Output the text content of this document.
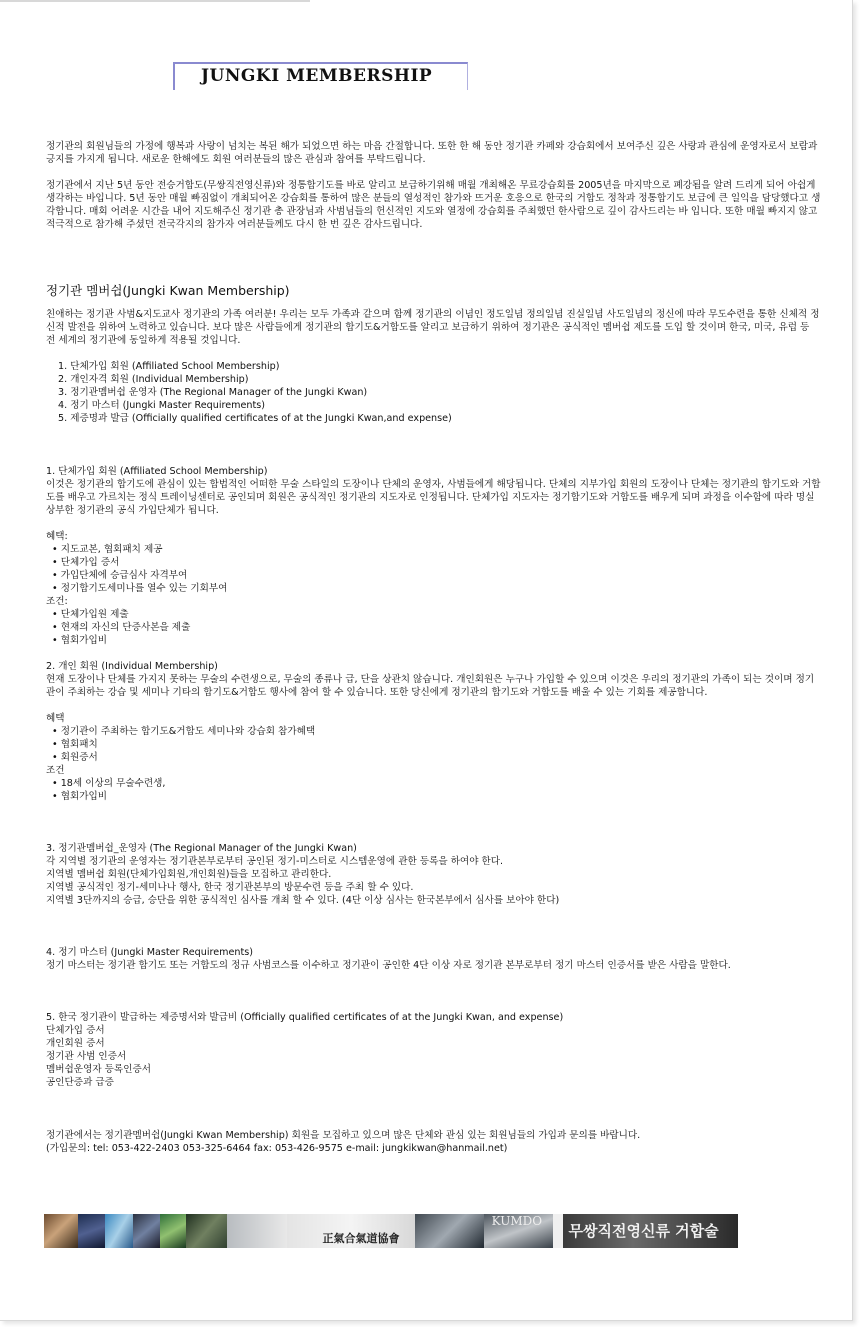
JUNGKI MEMBERSHIP

정기관의 회원님들의 가정에 행복과 사랑이 넘치는 복된 해가 되었으면 하는 마음 간절합니다. 또한 한 해 동안 정기관 카페와 강습회에서 보여주신 깊은 사랑과 관심에 운영자로서 보람과 긍지를 가지게 됩니다. 새로운 한해에도 회원 여러분들의 많은 관심과 참여를 부탁드립니다.

정기관에서 지난 5년 동안 전승거합도(무쌍직전영신류)와 정통합기도를 바로 알리고 보급하기위해 매월 개최해온 무료강습회를 2005년을 마지막으로 폐강됨을 알려 드리게 되어 아쉽게 생각하는 바입니다. 5년 동안 매월 빠짐없이 개최되어온 강습회를 통하여 많은 분들의 열성적인 참가와 뜨거운 호응으로 한국의 거합도 정착과 정통합기도 보급에 큰 일익을 담당했다고 생각합니다. 매회 어려운 시간을 내어 지도해주신 정기관 총 관장님과 사범님들의 헌신적인 지도와 열정에 강습회를 주최했던 한사람으로 깊이 감사드리는 바 입니다. 또한 매월 빠지지 않고 적극적으로 참가해 주셨던 전국각지의 참가자 여러분들께도 다시 한 번 깊은 감사드립니다.

정기관 멤버쉽(Jungki Kwan Membership)

친애하는 정기관 사범&지도교사 정기관의 가족 여러분! 우리는 모두 가족과 같으며 함께 정기관의 이념인 정도일념 정의일념 진실일념 사도일념의 정신에 따라 무도수련을 통한 신체적 정신적 발전을 위하여 노력하고 있습니다. 보다 많은 사람들에게 정기관의 합기도&거합도를 알리고 보급하기 위하여 정기관은 공식적인 멤버쉽 제도를 도입 할 것이며 한국, 미국, 유럽 등 전 세계의 정기관에 동일하게 적용될 것입니다.

1. 단체가입 회원 (Affiliated School Membership)
2. 개인자격 회원 (Individual Membership)
3. 정기관멤버쉽 운영자 (The Regional Manager of the Jungki Kwan)
4. 정기 마스터 (Jungki Master Requirements)
5. 제증명과 발급 (Officially qualified certificates of at the Jungki Kwan,and expense)

1. 단체가입 회원 (Affiliated School Membership)

이것은 정기관의 합기도에 관심이 있는 합법적인 어떠한 무술 스타일의 도장이나 단체의 운영자, 사범들에게 해당됩니다. 단체의 지부가입 회원의 도장이나 단체는 정기관의 합기도와 거합도를 배우고 가르치는 정식 트레이닝센터로 공인되며 회원은 공식적인 정기관의 지도자로 인정됩니다. 단체가입 지도자는 정기합기도와 거합도를 배우게 되며 과정을 이수함에 따라 명실상부한 정기관의 공식 가입단체가 됩니다.

혜택:

• 지도교본, 협회패치 제공
• 단체가입 증서
• 가입단체에 승급심사 자격부여
• 정기합기도세미나를 열수 있는 기회부여

조건:

• 단체가입원 제출
• 현재의 자신의 단증사본을 제출
• 협회가입비

2. 개인 회원 (Individual Membership)

현재 도장이나 단체를 가지지 못하는 무술의 수련생으로, 무술의 종류나 급, 단을 상관치 않습니다. 개인회원은 누구나 가입할 수 있으며 이것은 우리의 정기관의 가족이 되는 것이며 정기관이 주최하는 강습 및 세미나 기타의 합기도&거합도 행사에 참여 할 수 있습니다. 또한 당신에게 정기관의 합기도와 거합도를 배울 수 있는 기회를 제공합니다.

혜택

• 정기관이 주최하는 합기도&거합도 세미나와 강습회 참가혜택
• 협회패치
• 회원증서

조건

• 18세 이상의 무술수련생,
• 협회가입비

3. 정기관멤버쉽_운영자 (The Regional Manager of the Jungki Kwan)

각 지역별 정기관의 운영자는 정기관본부로부터 공인된 정기-미스터로 시스템운영에 관한 등록을 하여야 한다.

지역별 멤버쉽 회원(단체가입회원,개인회원)들을 모집하고 관리한다.

지역별 공식적인 정기-세미나나 행사, 한국 정기관본부의 방문수련 등을 주최 할 수 있다.

지역별 3단까지의 승급, 승단을 위한 공식적인 심사를 개최 할 수 있다. (4단 이상 심사는 한국본부에서 심사를 보아야 한다)

4. 정기 마스터 (Jungki Master Requirements)

정기 마스터는 정기관 합기도 또는 거합도의 정규 사범코스를 이수하고 정기관이 공인한 4단 이상 자로 정기관 본부로부터 정기 마스터 인증서를 받은 사람을 말한다.

5. 한국 정기관이 발급하는 제증명서와 발급비 (Officially qualified certificates of at the Jungki Kwan, and expense)

단체가입 증서

개인회원 증서

정기관 사범 인증서

멤버쉽운영자 등록인증서

공인단증과 급증

정기관에서는 정기관멤버쉽(Jungki Kwan Membership) 회원을 모집하고 있으며 많은 단체와 관심 있는 회원님들의 가입과 문의를 바랍니다.

(가입문의: tel: 053-422-2403 053-325-6464 fax: 053-426-9575 e-mail: jungkikwan@hanmail.net)

正氣合氣道協會
KUMDO
무쌍직전영신류 거합술
